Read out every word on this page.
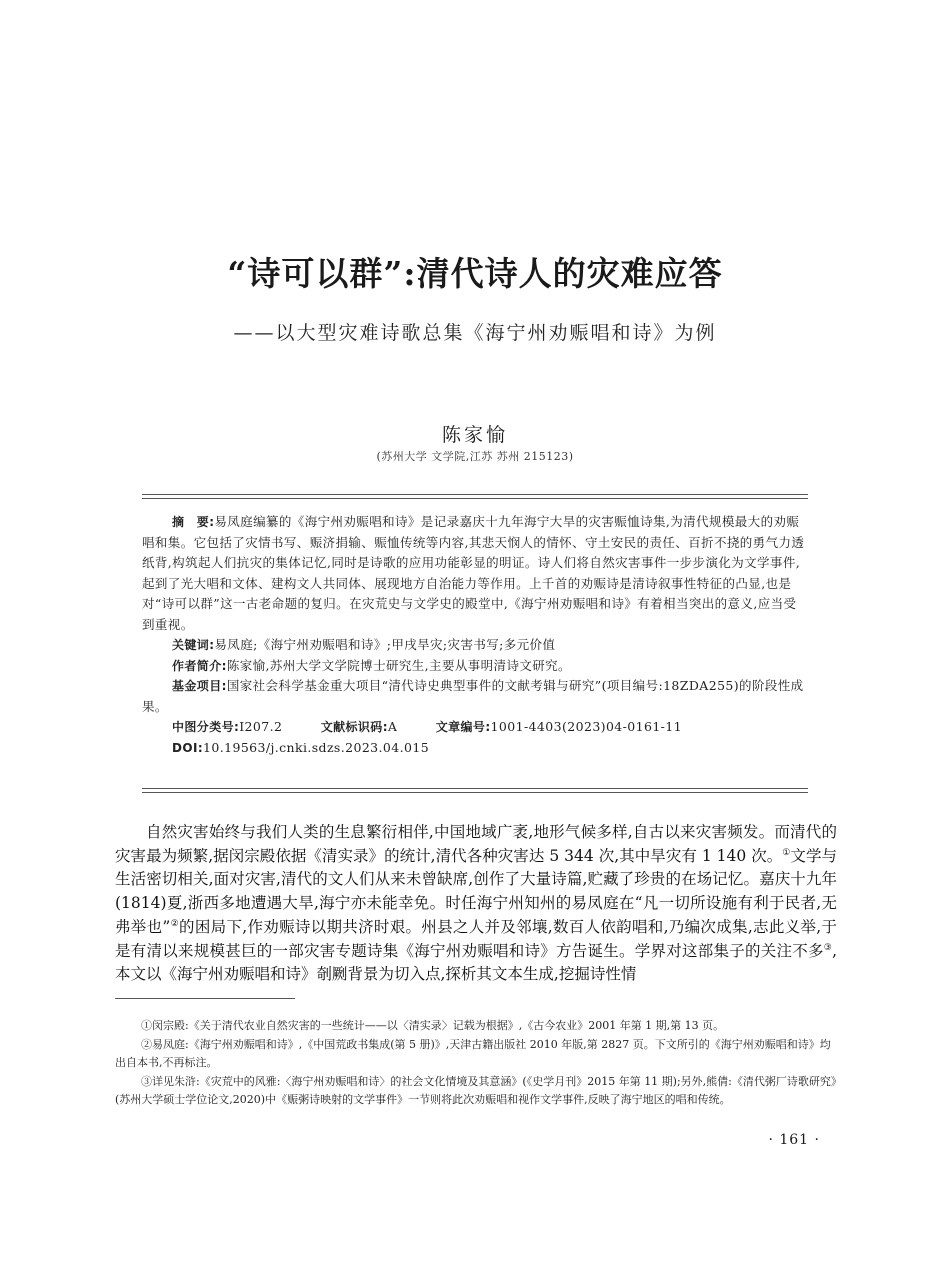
“诗可以群”:清代诗人的灾难应答
——以大型灾难诗歌总集《海宁州劝赈唱和诗》为例
陈家愉
(苏州大学 文学院,江苏 苏州 215123)

摘　要:易凤庭编纂的《海宁州劝赈唱和诗》是记录嘉庆十九年海宁大旱的灾害赈恤诗集,为清代规模最大的劝赈唱和集。它包括了灾情书写、赈济捐输、赈恤传统等内容,其悲天悯人的情怀、守土安民的责任、百折不挠的勇气力透纸背,构筑起人们抗灾的集体记忆,同时是诗歌的应用功能彰显的明证。诗人们将自然灾害事件一步步演化为文学事件,起到了光大唱和文体、建构文人共同体、展现地方自治能力等作用。上千首的劝赈诗是清诗叙事性特征的凸显,也是对“诗可以群”这一古老命题的复归。在灾荒史与文学史的殿堂中,《海宁州劝赈唱和诗》有着相当突出的意义,应当受到重视。

关键词:易凤庭;《海宁州劝赈唱和诗》;甲戌旱灾;灾害书写;多元价值

作者简介:陈家愉,苏州大学文学院博士研究生,主要从事明清诗文研究。

基金项目:国家社会科学基金重大项目“清代诗史典型事件的文献考辑与研究”(项目编号:18ZDA255)的阶段性成果。

中图分类号:I207.2	文献标识码:A	文章编号:1001-4403(2023)04-0161-11

DOI:10.19563/j.cnki.sdzs.2023.04.015

自然灾害始终与我们人类的生息繁衍相伴,中国地域广袤,地形气候多样,自古以来灾害频发。而清代的灾害最为频繁,据闵宗殿依据《清实录》的统计,清代各种灾害达 5 344 次,其中旱灾有 1 140 次。①文学与生活密切相关,面对灾害,清代的文人们从来未曾缺席,创作了大量诗篇,贮藏了珍贵的在场记忆。嘉庆十九年(1814)夏,浙西多地遭遇大旱,海宁亦未能幸免。时任海宁州知州的易凤庭在“凡一切所设施有利于民者,无弗举也”②的困局下,作劝赈诗以期共济时艰。州县之人并及邻壤,数百人依韵唱和,乃编次成集,志此义举,于是有清以来规模甚巨的一部灾害专题诗集《海宁州劝赈唱和诗》方告诞生。学界对这部集子的关注不多③,本文以《海宁州劝赈唱和诗》剞劂背景为切入点,探析其文本生成,挖掘诗性情

①闵宗殿:《关于清代农业自然灾害的一些统计——以〈清实录〉记载为根据》,《古今农业》2001 年第 1 期,第 13 页。

②易凤庭:《海宁州劝赈唱和诗》,《中国荒政书集成(第 5 册)》,天津古籍出版社 2010 年版,第 2827 页。下文所引的《海宁州劝赈唱和诗》均出自本书,不再标注。

③详见朱浒:《灾荒中的风雅:〈海宁州劝赈唱和诗〉的社会文化情境及其意涵》(《史学月刊》2015 年第 11 期);另外,熊倩:《清代粥厂诗歌研究》(苏州大学硕士学位论文,2020)中《赈粥诗映射的文学事件》一节则将此次劝赈唱和视作文学事件,反映了海宁地区的唱和传统。

· 161 ·
